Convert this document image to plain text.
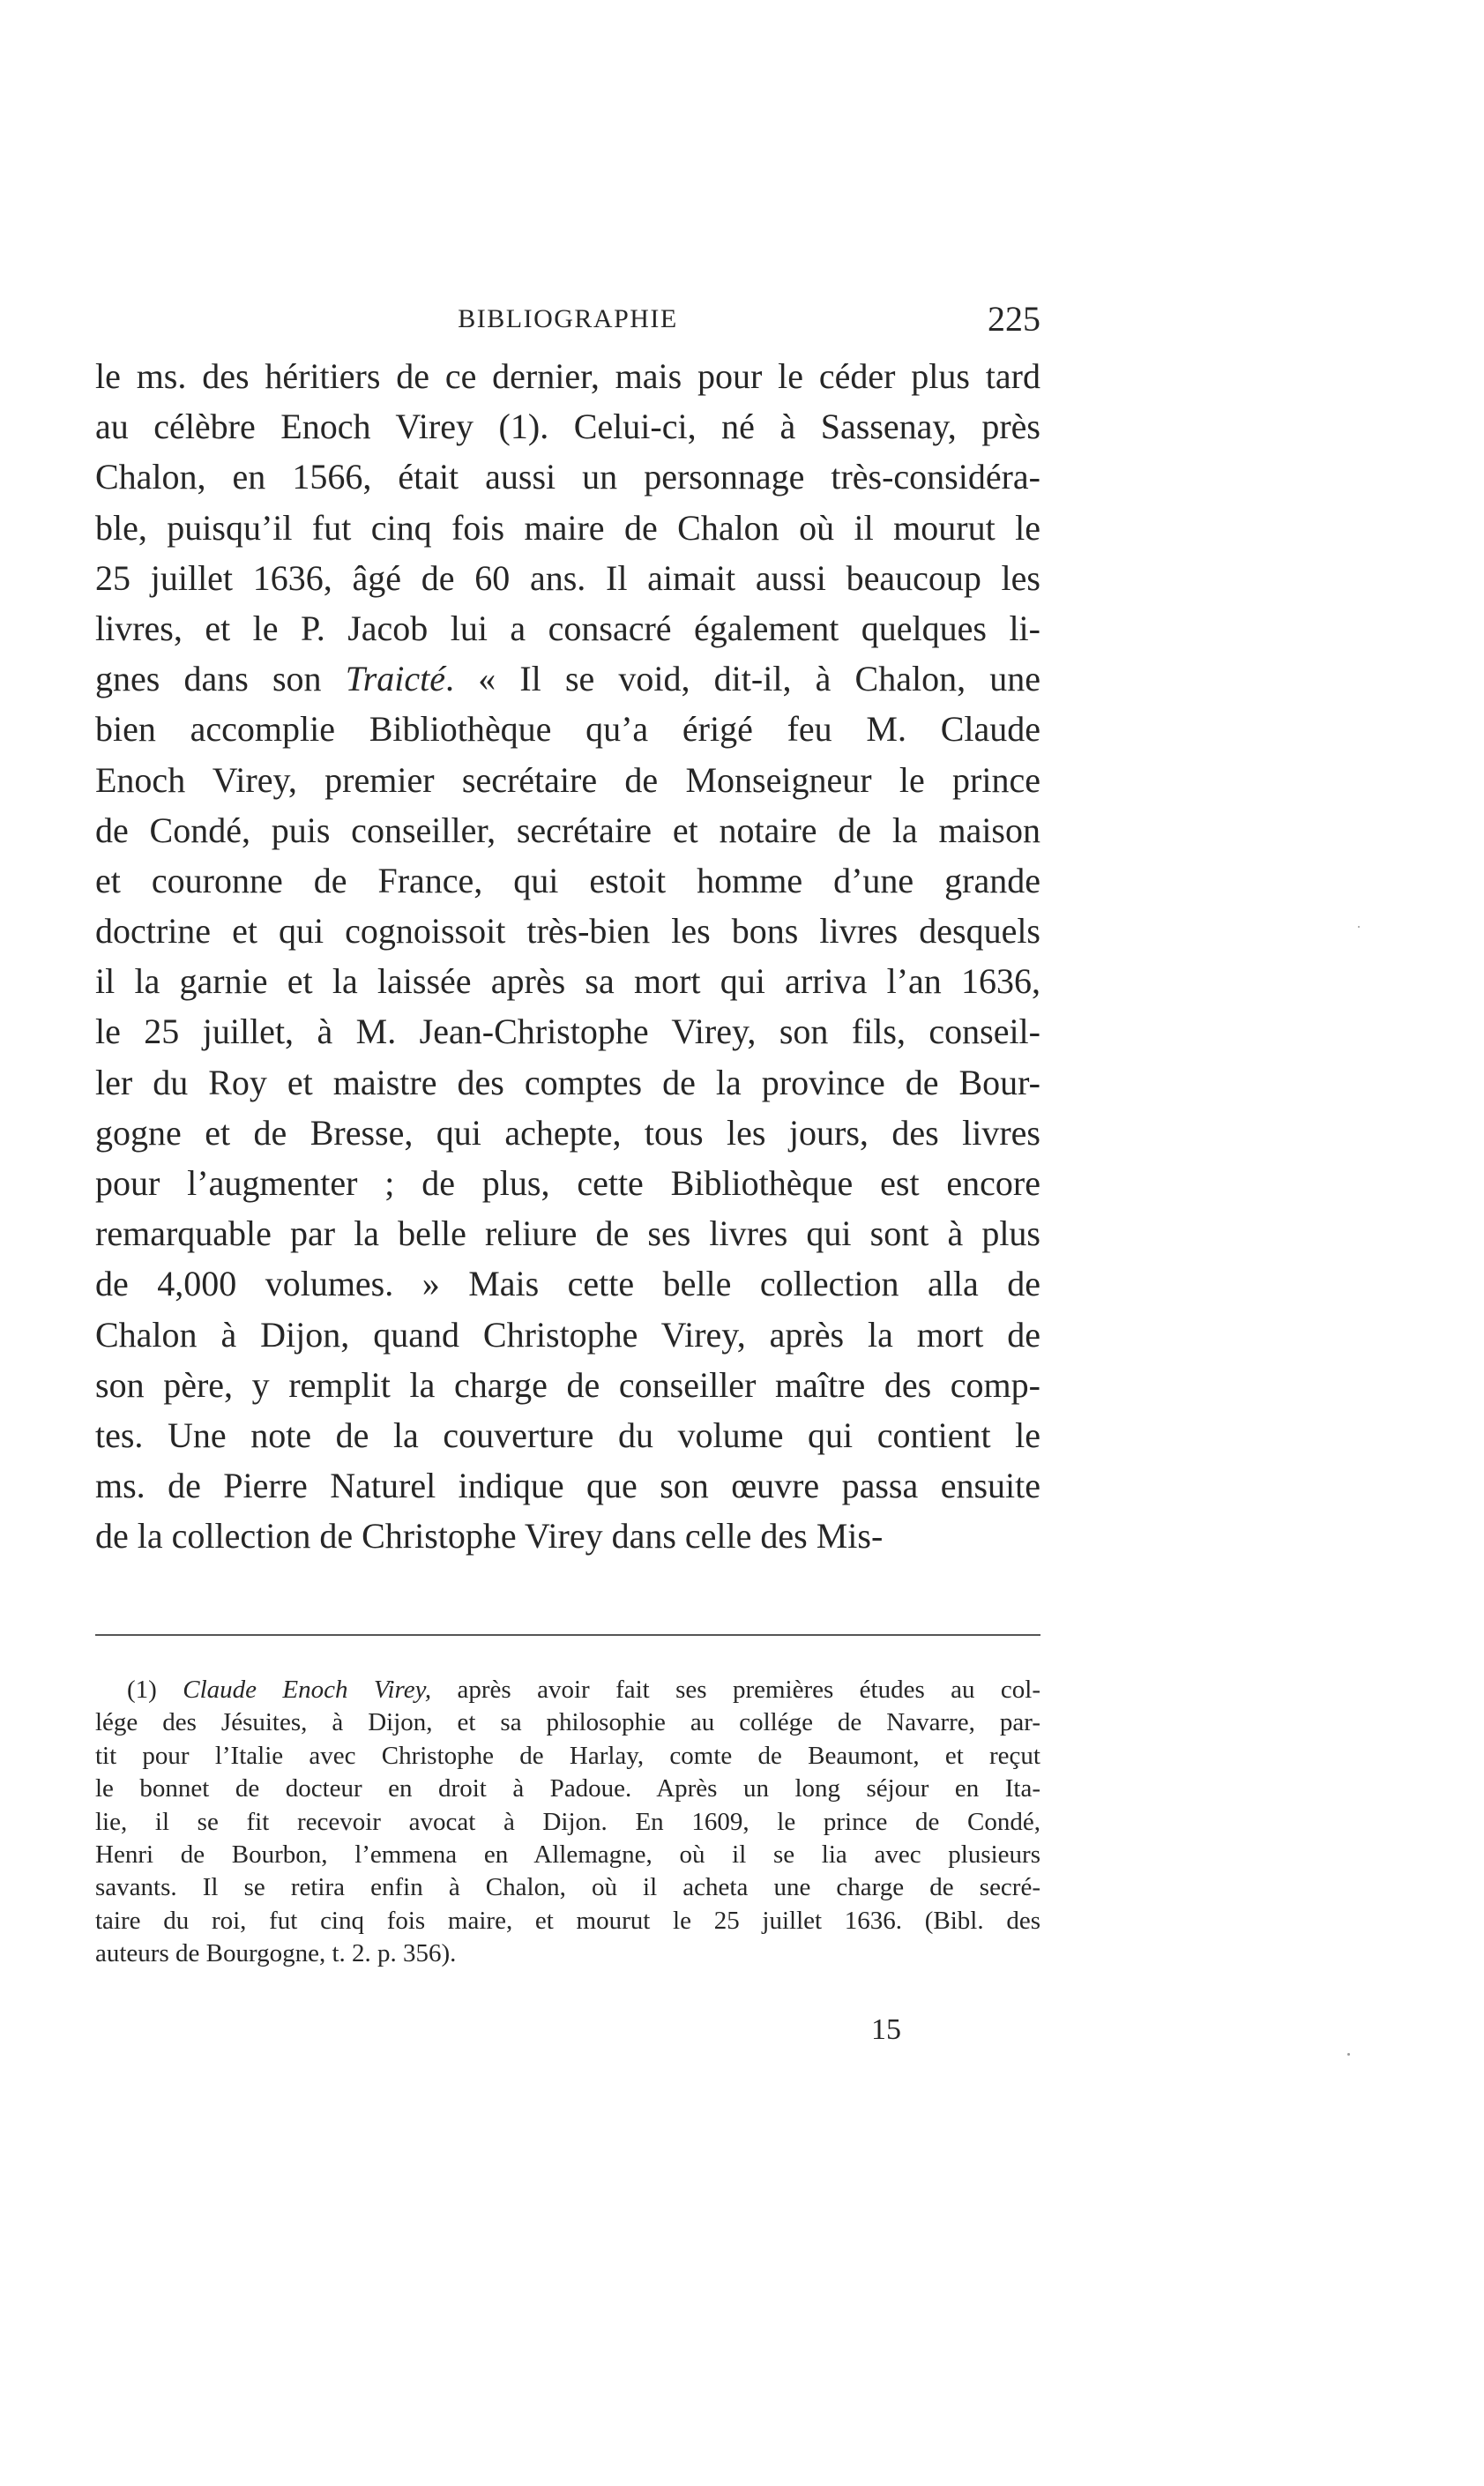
BIBLIOGRAPHIE	225
le ms. des héritiers de ce dernier, mais pour le céder plus tard
au célèbre Enoch Virey (1). Celui-ci, né à Sassenay, près
Chalon, en 1566, était aussi un personnage très-considéra-
ble, puisqu’il fut cinq fois maire de Chalon où il mourut le
25 juillet 1636, âgé de 60 ans. Il aimait aussi beaucoup les
livres, et le P. Jacob lui a consacré également quelques li-
gnes dans son Traicté. « Il se void, dit-il, à Chalon, une
bien accomplie Bibliothèque qu’a érigé feu M. Claude
Enoch Virey, premier secrétaire de Monseigneur le prince
de Condé, puis conseiller, secrétaire et notaire de la maison
et couronne de France, qui estoit homme d’une grande
doctrine et qui cognoissoit très-bien les bons livres desquels
il la garnie et la laissée après sa mort qui arriva l’an 1636,
le 25 juillet, à M. Jean-Christophe Virey, son fils, conseil-
ler du Roy et maistre des comptes de la province de Bour-
gogne et de Bresse, qui achepte, tous les jours, des livres
pour l’augmenter ; de plus, cette Bibliothèque est encore
remarquable par la belle reliure de ses livres qui sont à plus
de 4,000 volumes. » Mais cette belle collection alla de
Chalon à Dijon, quand Christophe Virey, après la mort de
son père, y remplit la charge de conseiller maître des comp-
tes. Une note de la couverture du volume qui contient le
ms. de Pierre Naturel indique que son œuvre passa ensuite
de la collection de Christophe Virey dans celle des Mis-
(1) Claude Enoch Virey, après avoir fait ses premières études au col-
lége des Jésuites, à Dijon, et sa philosophie au collége de Navarre, par-
tit pour l’Italie avec Christophe de Harlay, comte de Beaumont, et reçut
le bonnet de docteur en droit à Padoue. Après un long séjour en Ita-
lie, il se fit recevoir avocat à Dijon. En 1609, le prince de Condé,
Henri de Bourbon, l’emmena en Allemagne, où il se lia avec plusieurs
savants. Il se retira enfin à Chalon, où il acheta une charge de secré-
taire du roi, fut cinq fois maire, et mourut le 25 juillet 1636. (Bibl. des
auteurs de Bourgogne, t. 2. p. 356).
15
